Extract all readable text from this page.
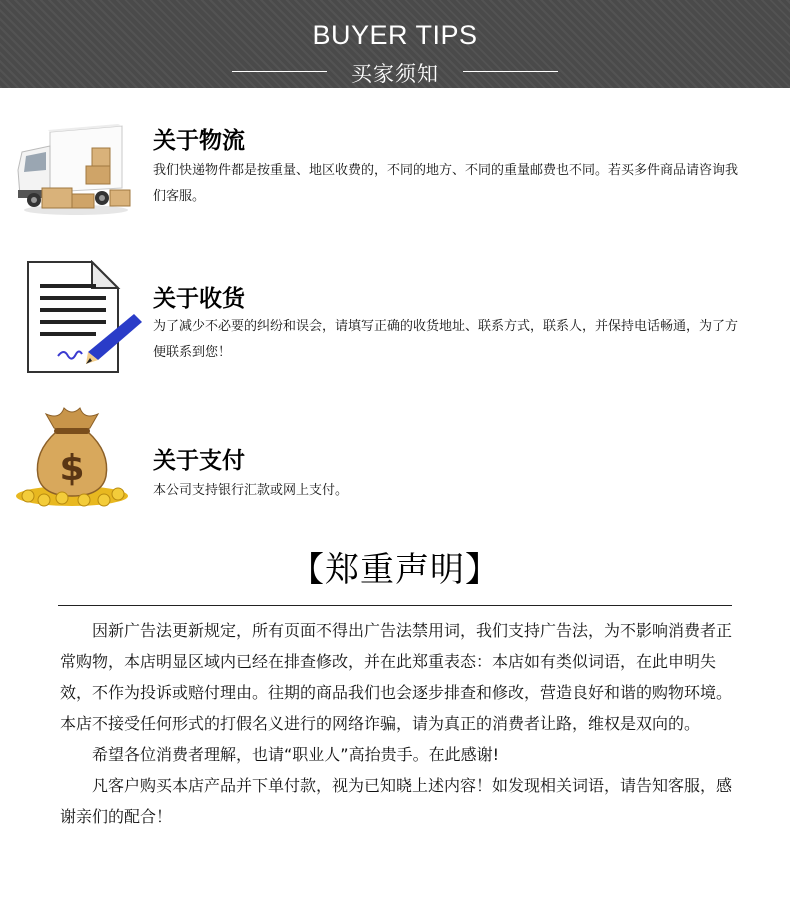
BUYER TIPS
买家须知
关于物流
我们快递物件都是按重量、地区收费的，不同的地方、不同的重量邮费也不同。若买多件商品请咨询我们客服。
关于收货
为了减少不必要的纠纷和误会，请填写正确的收货地址、联系方式，联系人，并保持电话畅通，为了方便联系到您！
$	关于支付
本公司支持银行汇款或网上支付。
【郑重声明】

因新广告法更新规定，所有页面不得出广告法禁用词，我们支持广告法，为不影响消费者正常购物，本店明显区域内已经在排查修改，并在此郑重表态：本店如有类似词语，在此申明失效，不作为投诉或赔付理由。往期的商品我们也会逐步排查和修改，营造良好和谐的购物环境。本店不接受任何形式的打假名义进行的网络诈骗，请为真正的消费者让路，维权是双向的。

希望各位消费者理解，也请“职业人”高抬贵手。在此感谢!

凡客户购买本店产品并下单付款，视为已知晓上述内容！如发现相关词语，请告知客服，感谢亲们的配合！
